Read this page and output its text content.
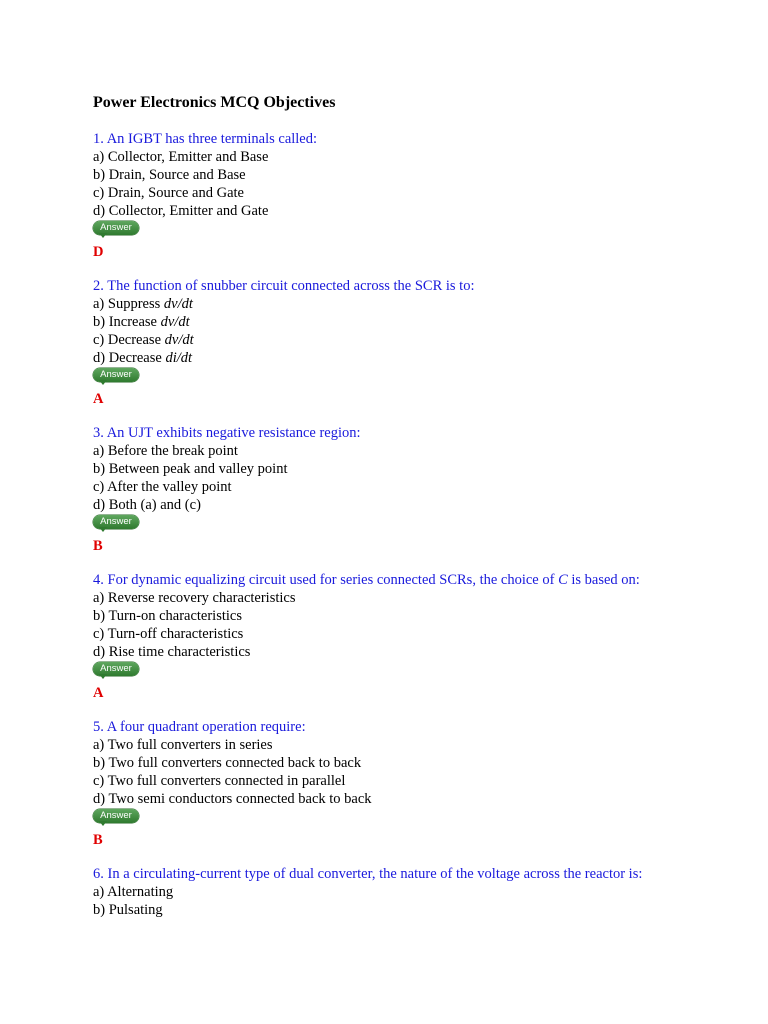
Power Electronics MCQ Objectives
1. An IGBT has three terminals called:
a) Collector, Emitter and Base
b) Drain, Source and Base
c) Drain, Source and Gate
d) Collector, Emitter and Gate
Answer
D
2. The function of snubber circuit connected across the SCR is to:
a) Suppress dv/dt
b) Increase dv/dt
c) Decrease dv/dt
d) Decrease di/dt
Answer
A
3. An UJT exhibits negative resistance region:
a) Before the break point
b) Between peak and valley point
c) After the valley point
d) Both (a) and (c)
Answer
B
4. For dynamic equalizing circuit used for series connected SCRs, the choice of C is based on:
a) Reverse recovery characteristics
b) Turn-on characteristics
c) Turn-off characteristics
d) Rise time characteristics
Answer
A
5. A four quadrant operation require:
a) Two full converters in series
b) Two full converters connected back to back
c) Two full converters connected in parallel
d) Two semi conductors connected back to back
Answer
B
6. In a circulating-current type of dual converter, the nature of the voltage across the reactor is:
a) Alternating
b) Pulsating
